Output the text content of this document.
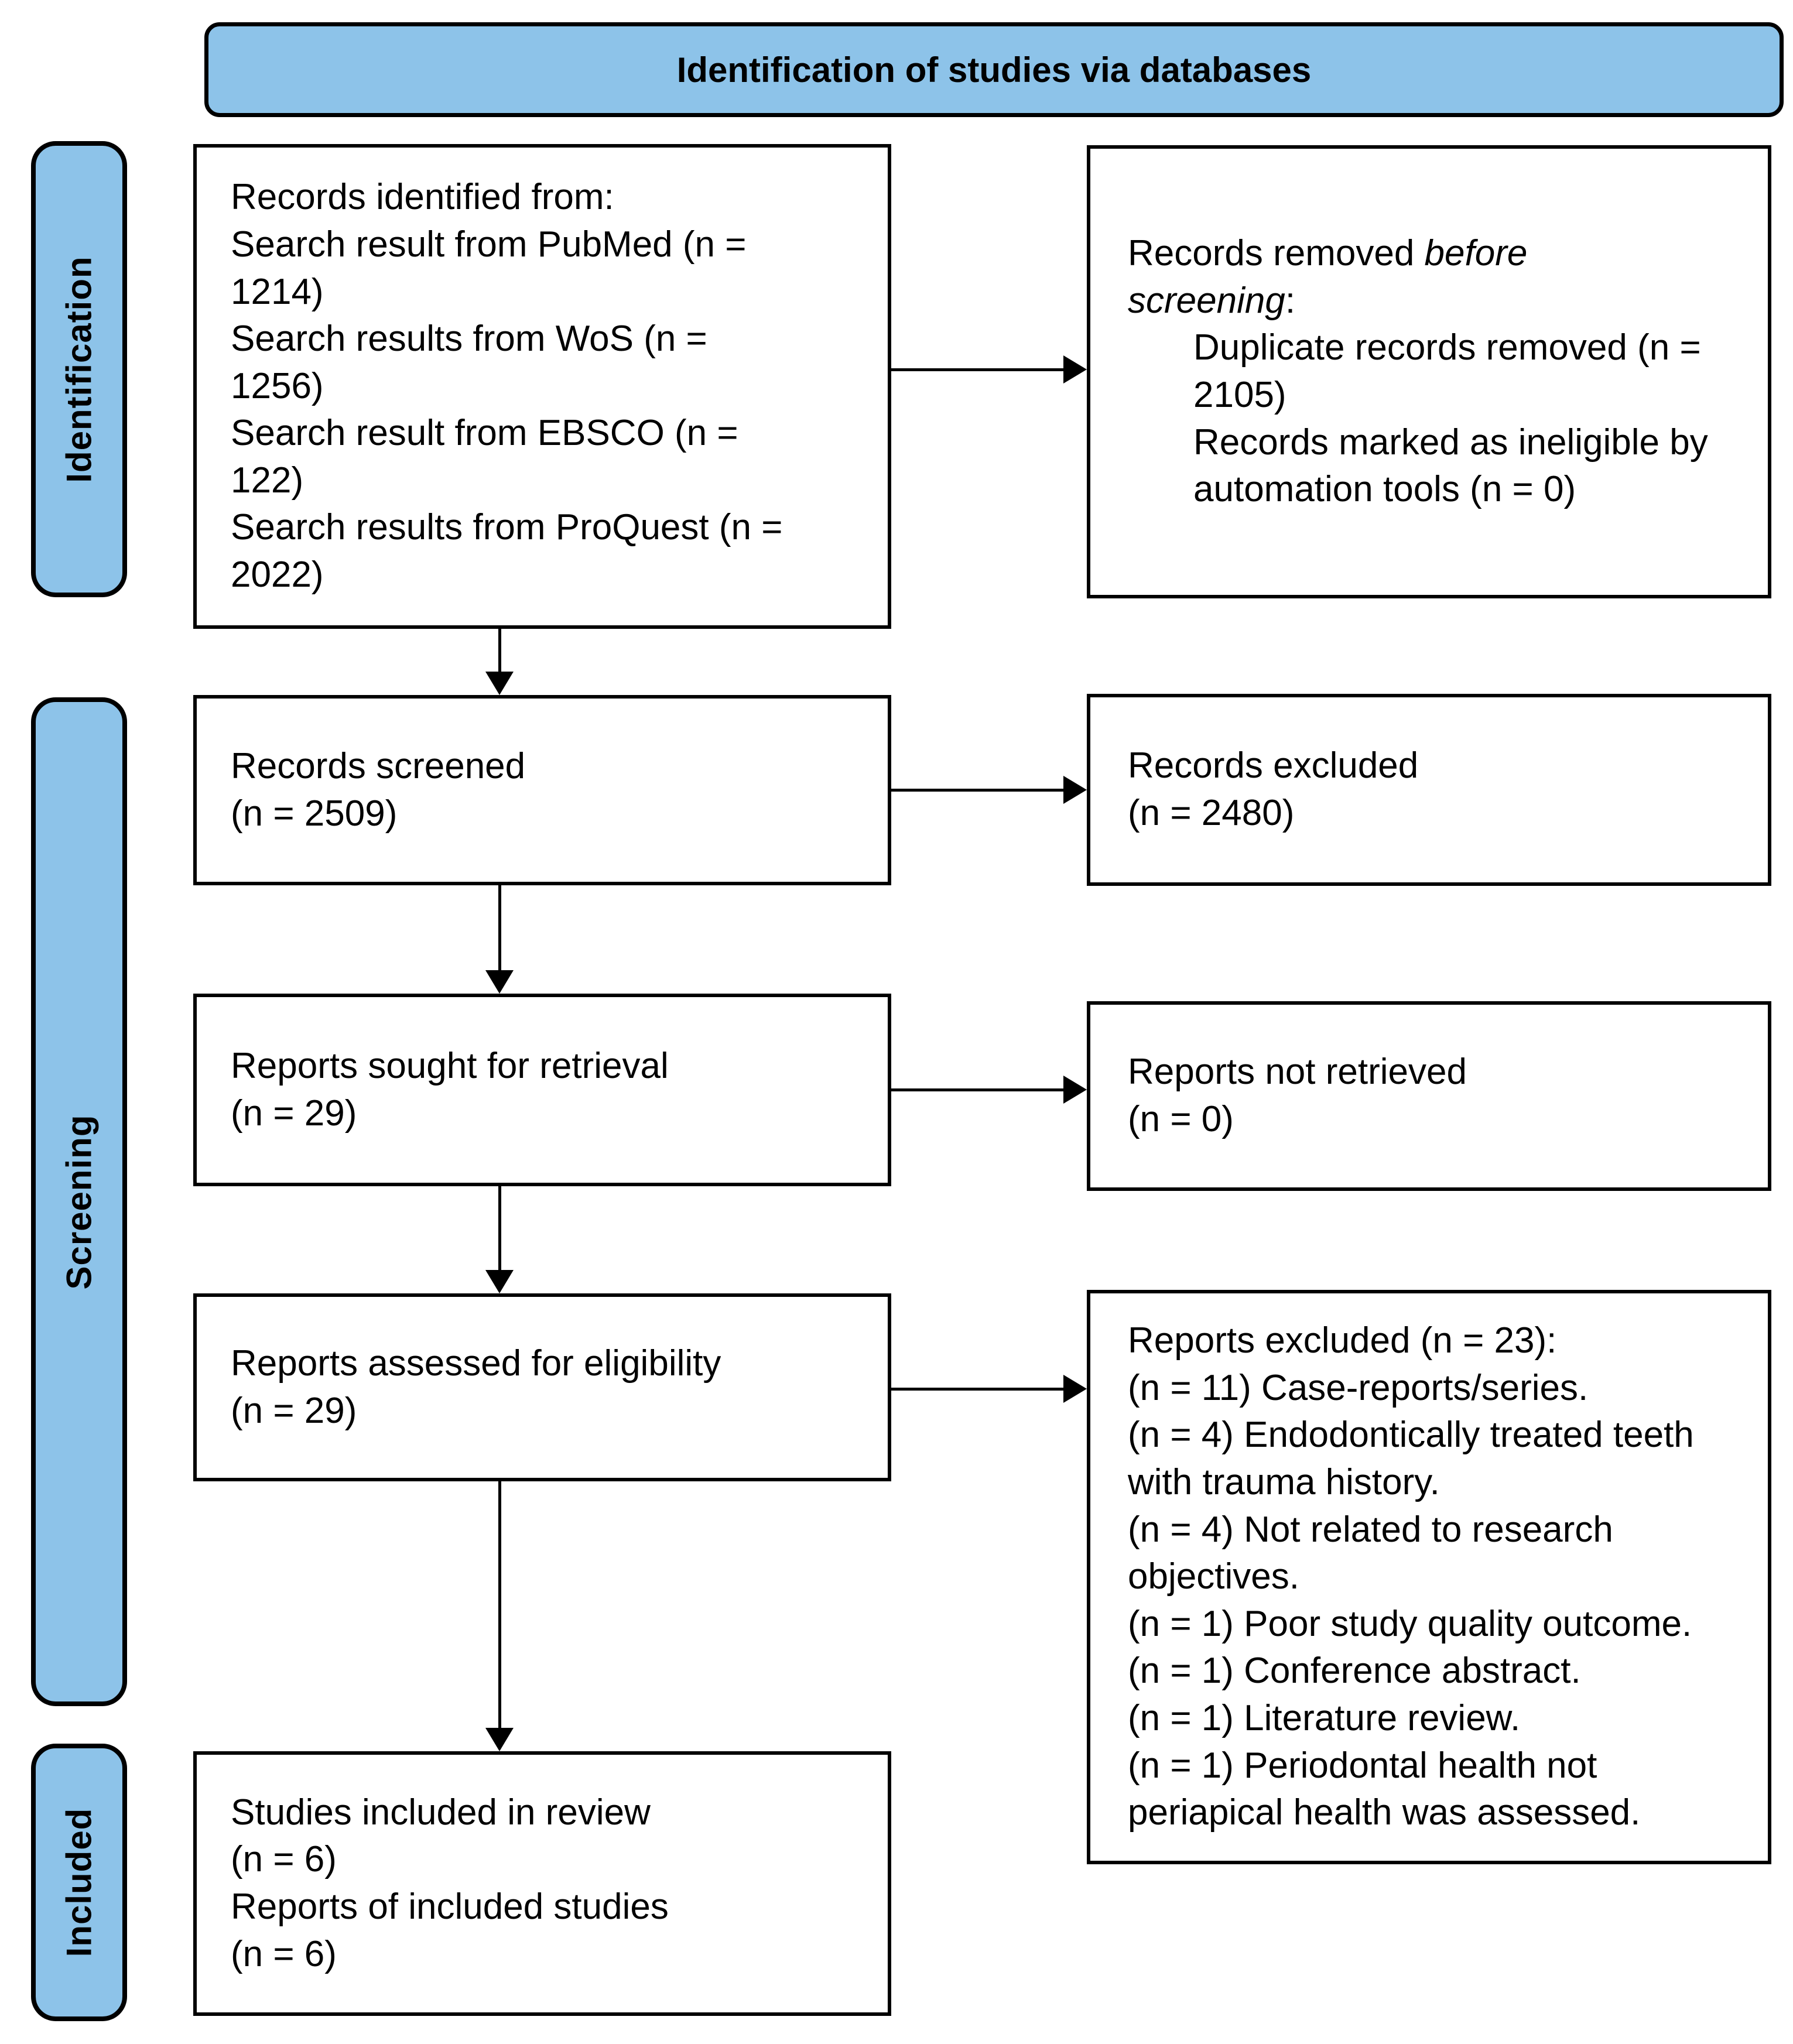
Identification of studies via databases
Identification
Screening
Included

Records identified from:

Search result from PubMed (n = 1214)

Search results from WoS (n = 1256)

Search result from EBSCO (n = 122)

Search results from ProQuest (n = 2022)

Records screened

(n = 2509)

Reports sought for retrieval

(n = 29)

Reports assessed for eligibility

(n = 29)

Studies included in review

(n = 6)

Reports of included studies

(n = 6)

Records removed before screening:

Duplicate records removed (n = 2105)

Records marked as ineligible by automation tools (n = 0)

Records excluded

(n = 2480)

Reports not retrieved

(n = 0)

Reports excluded (n = 23):

(n = 11) Case-reports/series.

(n = 4) Endodontically treated teeth with trauma history.

(n = 4) Not related to research objectives.

(n = 1) Poor study quality outcome.

(n = 1) Conference abstract.

(n = 1) Literature review.

(n = 1) Periodontal health not periapical health was assessed.
